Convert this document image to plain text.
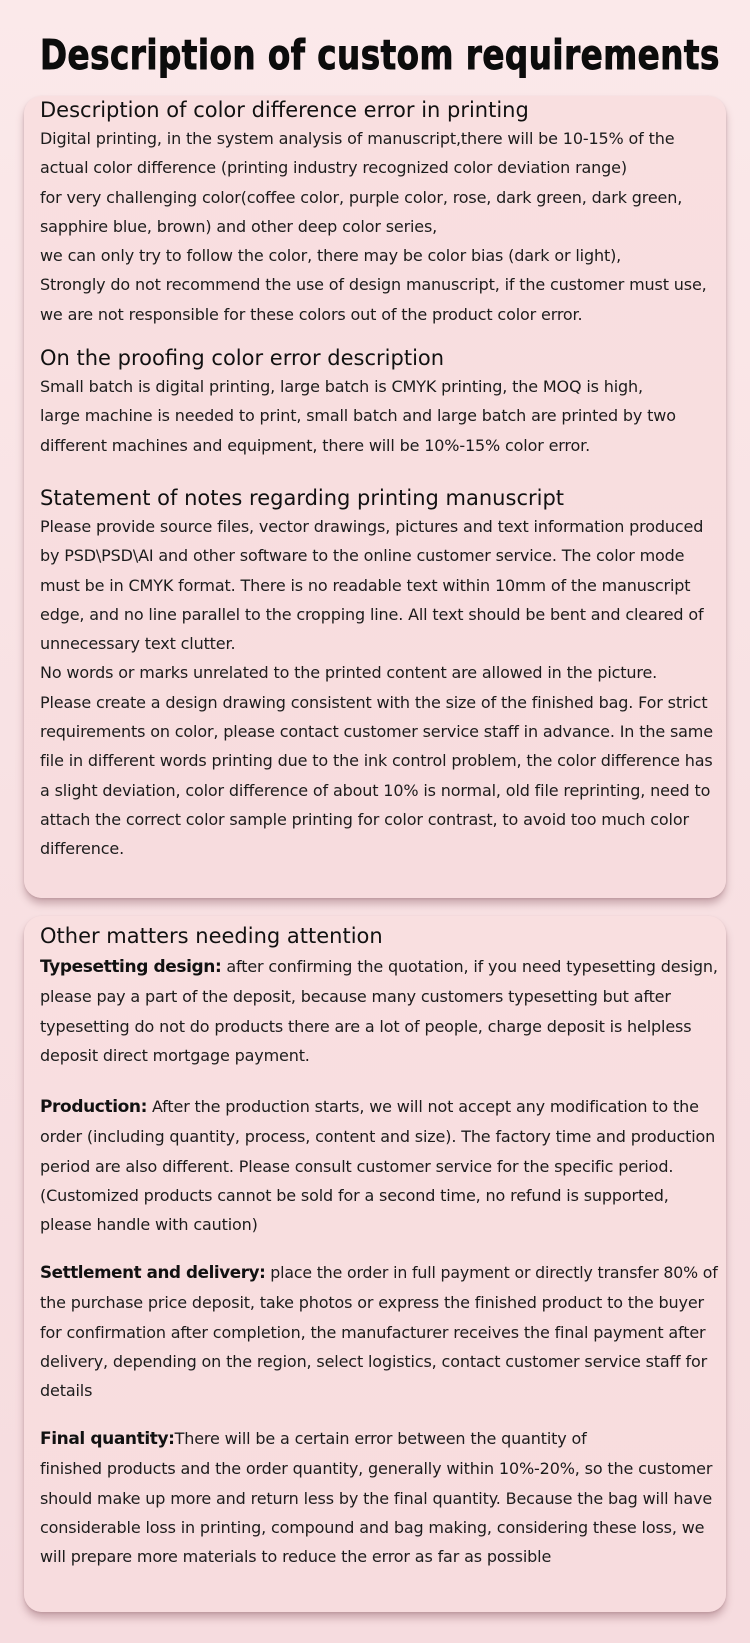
Description of custom requirements
Description of color difference error in printing

Digital printing, in the system analysis of manuscript,there will be 10-15% of the
actual color difference (printing industry recognized color deviation range)
for very challenging color(coffee color, purple color, rose, dark green, dark green,
sapphire blue, brown) and other deep color series,
we can only try to follow the color, there may be color bias (dark or light),
Strongly do not recommend the use of design manuscript, if the customer must use,
we are not responsible for these colors out of the product color error.

On the proofing color error description

Small batch is digital printing, large batch is CMYK printing, the MOQ is high,
large machine is needed to print, small batch and large batch are printed by two
different machines and equipment, there will be 10%-15% color error.

Statement of notes regarding printing manuscript

Please provide source files, vector drawings, pictures and text information produced
by PSD\PSD\AI and other software to the online customer service. The color mode
must be in CMYK format. There is no readable text within 10mm of the manuscript
edge, and no line parallel to the cropping line. All text should be bent and cleared of
unnecessary text clutter.
No words or marks unrelated to the printed content are allowed in the picture.
Please create a design drawing consistent with the size of the finished bag. For strict
requirements on color, please contact customer service staff in advance. In the same
file in different words printing due to the ink control problem, the color difference has
a slight deviation, color difference of about 10% is normal, old file reprinting, need to
attach the correct color sample printing for color contrast, to avoid too much color
difference.

Other matters needing attention

Typesetting design: after confirming the quotation, if you need typesetting design,
please pay a part of the deposit, because many customers typesetting but after
typesetting do not do products there are a lot of people, charge deposit is helpless
deposit direct mortgage payment.

Production: After the production starts, we will not accept any modification to the
order (including quantity, process, content and size). The factory time and production
period are also different. Please consult customer service for the specific period.
(Customized products cannot be sold for a second time, no refund is supported,
please handle with caution)

Settlement and delivery: place the order in full payment or directly transfer 80% of
the purchase price deposit, take photos or express the finished product to the buyer
for confirmation after completion, the manufacturer receives the final payment after
delivery, depending on the region, select logistics, contact customer service staff for
details

Final quantity:There will be a certain error between the quantity of
finished products and the order quantity, generally within 10%-20%, so the customer
should make up more and return less by the final quantity. Because the bag will have
considerable loss in printing, compound and bag making, considering these loss, we
will prepare more materials to reduce the error as far as possible
